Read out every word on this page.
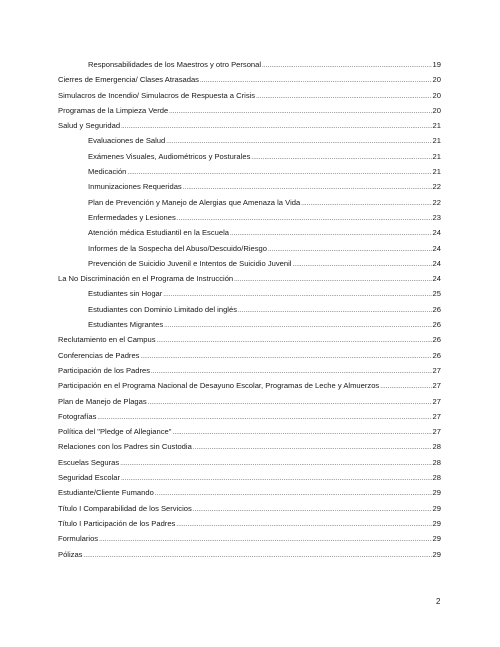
Responsabilidades de los Maestros y otro Personal .....	19
Cierres de Emergencia/ Clases Atrasadas .....	20
Simulacros de Incendio/ Simulacros de Respuesta a Crisis .....	20
Programas de la Limpieza Verde .....	20
Salud y Seguridad .....	21
Evaluaciones de Salud .....	21
Exámenes Visuales, Audiométricos y Posturales .....	21
Medicación .....	21
Inmunizaciones Requeridas .....	22
Plan de Prevención y Manejo de Alergias que Amenaza la Vida .....	22
Enfermedades y Lesiones .....	23
Atención médica Estudiantil en la Escuela .....	24
Informes de la Sospecha del Abuso/Descuido/Riesgo .....	24
Prevención de Suicidio Juvenil e Intentos de Suicidio Juvenil .....	24
La No Discriminación en el Programa de Instrucción .....	24
Estudiantes sin Hogar .....	25
Estudiantes con Dominio Limitado del inglés .....	26
Estudiantes Migrantes .....	26
Reclutamiento en el Campus .....	26
Conferencias de Padres .....	26
Participación de los Padres .....	27
Participación en el Programa Nacional de Desayuno Escolar, Programas de Leche y Almuerzos .....	27
Plan de Manejo de Plagas .....	27
Fotografías .....	27
Política del "Pledge of Allegiance" .....	27
Relaciones con los Padres sin Custodia .....	28
Escuelas Seguras .....	28
Seguridad Escolar .....	28
Estudiante/Cliente Fumando .....	29
Título I Comparabilidad de los Servicios .....	29
Título I Participación de los Padres .....	29
Formularios .....	29
Pólizas .....	29
2
